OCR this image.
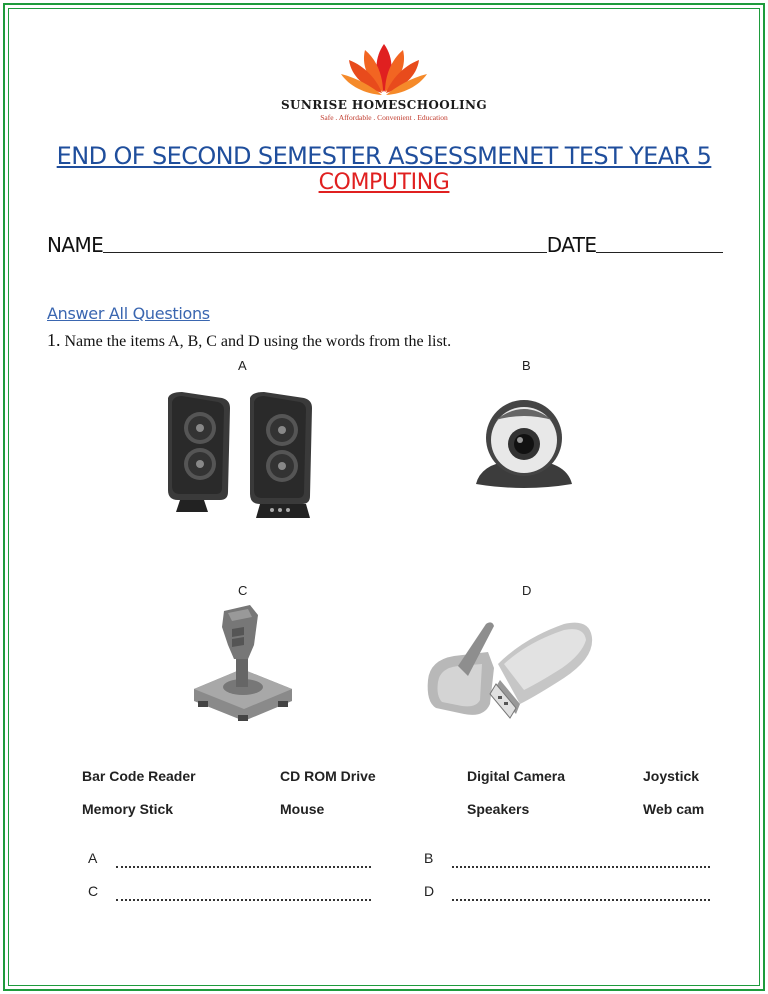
SUNRISE HOMESCHOOLING
Safe . Affordable . Convenient . Education
END OF SECOND SEMESTER ASSESSMENET TEST YEAR 5
COMPUTING
NAME	DATE
Answer All Questions
1. Name the items A, B, C and D using the words from the list.
A	B
C	D
Bar Code Reader	CD ROM Drive	Digital Camera	Joystick
Memory Stick	Mouse	Speakers	Web cam
A	B
C	D
